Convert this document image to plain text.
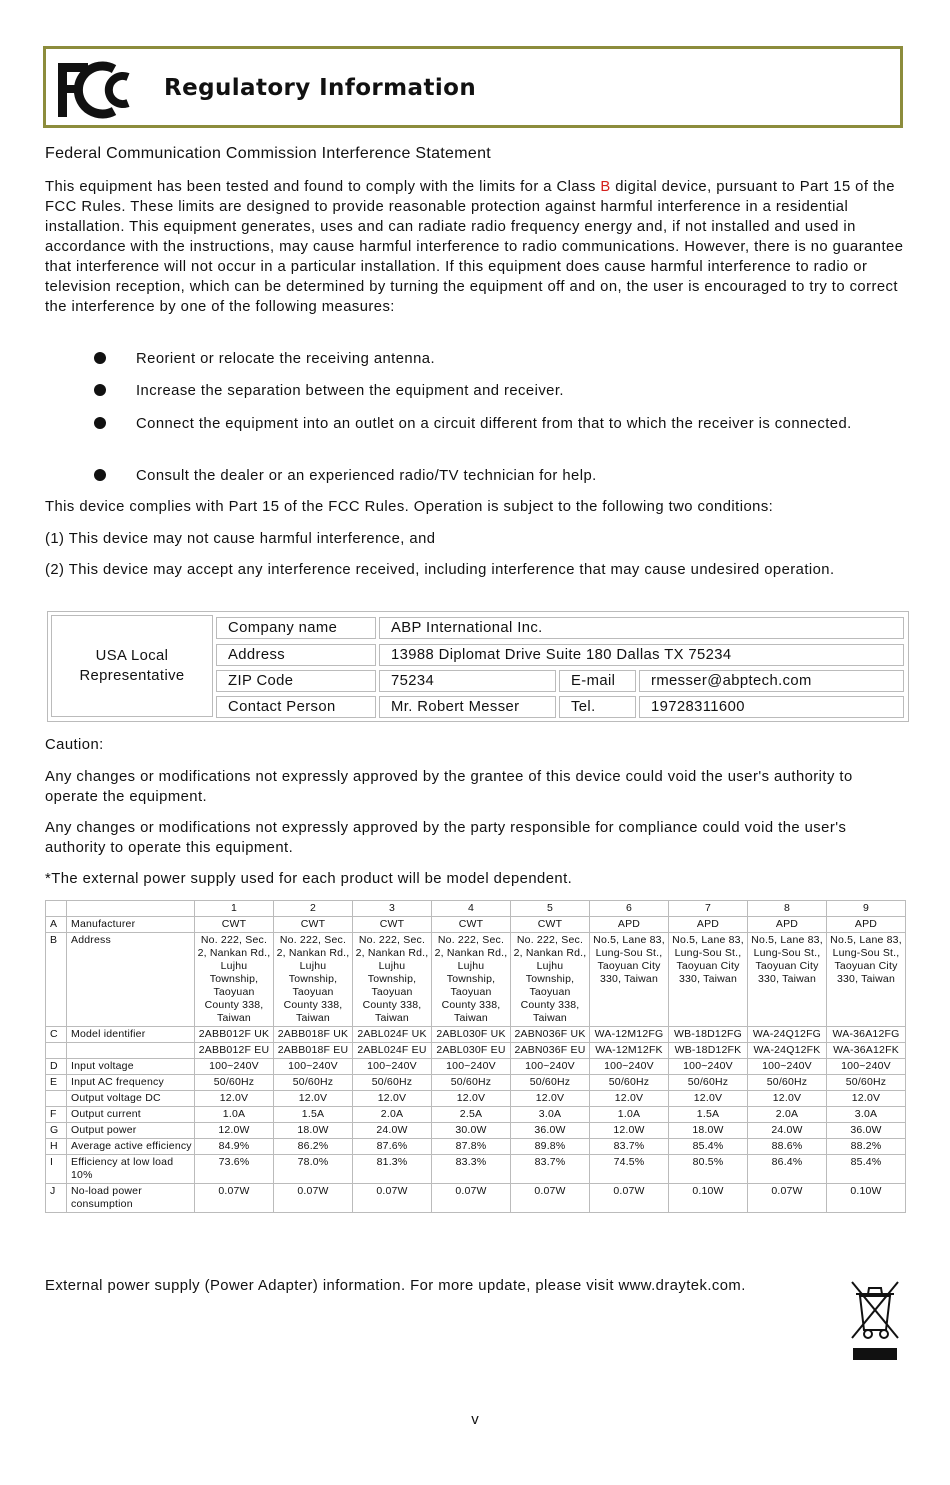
Regulatory Information
Federal Communication Commission Interference Statement

This equipment has been tested and found to comply with the limits for a Class B digital device, pursuant to Part 15 of the FCC Rules. These limits are designed to provide reasonable protection against harmful interference in a residential installation. This equipment generates, uses and can radiate radio frequency energy and, if not installed and used in accordance with the instructions, may cause harmful interference to radio communications. However, there is no guarantee that interference will not occur in a particular installation. If this equipment does cause harmful interference to radio or television reception, which can be determined by turning the equipment off and on, the user is encouraged to try to correct the interference by one of the following measures:

Reorient or relocate the receiving antenna.
Increase the separation between the equipment and receiver.
Connect the equipment into an outlet on a circuit different from that to which the receiver is connected.
Consult the dealer or an experienced radio/TV technician for help.

This device complies with Part 15 of the FCC Rules. Operation is subject to the following two conditions:

(1) This device may not cause harmful interference, and

(2) This device may accept any interference received, including interference that may cause undesired operation.

USA Local Representative
Company name	ABP International Inc.
Address	13988 Diplomat Drive Suite 180 Dallas TX 75234
ZIP Code	75234	E-mail	rmesser@abptech.com
Contact Person	Mr. Robert Messer	Tel.	19728311600

Caution:

Any changes or modifications not expressly approved by the grantee of this device could void the user's authority to operate the equipment.

Any changes or modifications not expressly approved by the party responsible for compliance could void the user's authority to operate this equipment.

*The external power supply used for each product will be model dependent.

		1	2	3	4	5	6	7	8	9
A	Manufacturer	CWT	CWT	CWT	CWT	CWT	APD	APD	APD	APD
B	Address	No. 222, Sec. 2, Nankan Rd., Lujhu Township, Taoyuan County 338, Taiwan	No. 222, Sec. 2, Nankan Rd., Lujhu Township, Taoyuan County 338, Taiwan	No. 222, Sec. 2, Nankan Rd., Lujhu Township, Taoyuan County 338, Taiwan	No. 222, Sec. 2, Nankan Rd., Lujhu Township, Taoyuan County 338, Taiwan	No. 222, Sec. 2, Nankan Rd., Lujhu Township, Taoyuan County 338, Taiwan	No.5, Lane 83, Lung-Sou St., Taoyuan City 330, Taiwan	No.5, Lane 83, Lung-Sou St., Taoyuan City 330, Taiwan	No.5, Lane 83, Lung-Sou St., Taoyuan City 330, Taiwan	No.5, Lane 83, Lung-Sou St., Taoyuan City 330, Taiwan
C	Model identifier	2ABB012F UK	2ABB018F UK	2ABL024F UK	2ABL030F UK	2ABN036F UK	WA-12M12FG	WB-18D12FG	WA-24Q12FG	WA-36A12FG
		2ABB012F EU	2ABB018F EU	2ABL024F EU	2ABL030F EU	2ABN036F EU	WA-12M12FK	WB-18D12FK	WA-24Q12FK	WA-36A12FK
D	Input voltage	100~240V	100~240V	100~240V	100~240V	100~240V	100~240V	100~240V	100~240V	100~240V
E	Input AC frequency	50/60Hz	50/60Hz	50/60Hz	50/60Hz	50/60Hz	50/60Hz	50/60Hz	50/60Hz	50/60Hz
	Output voltage DC	12.0V	12.0V	12.0V	12.0V	12.0V	12.0V	12.0V	12.0V	12.0V
F	Output current	1.0A	1.5A	2.0A	2.5A	3.0A	1.0A	1.5A	2.0A	3.0A
G	Output power	12.0W	18.0W	24.0W	30.0W	36.0W	12.0W	18.0W	24.0W	36.0W
H	Average active efficiency	84.9%	86.2%	87.6%	87.8%	89.8%	83.7%	85.4%	88.6%	88.2%
I	Efficiency at low load 10%	73.6%	78.0%	81.3%	83.3%	83.7%	74.5%	80.5%	86.4%	85.4%
J	No-load power consumption	0.07W	0.07W	0.07W	0.07W	0.07W	0.07W	0.10W	0.07W	0.10W

External power supply (Power Adapter) information. For more update, please visit www.draytek.com.

v
